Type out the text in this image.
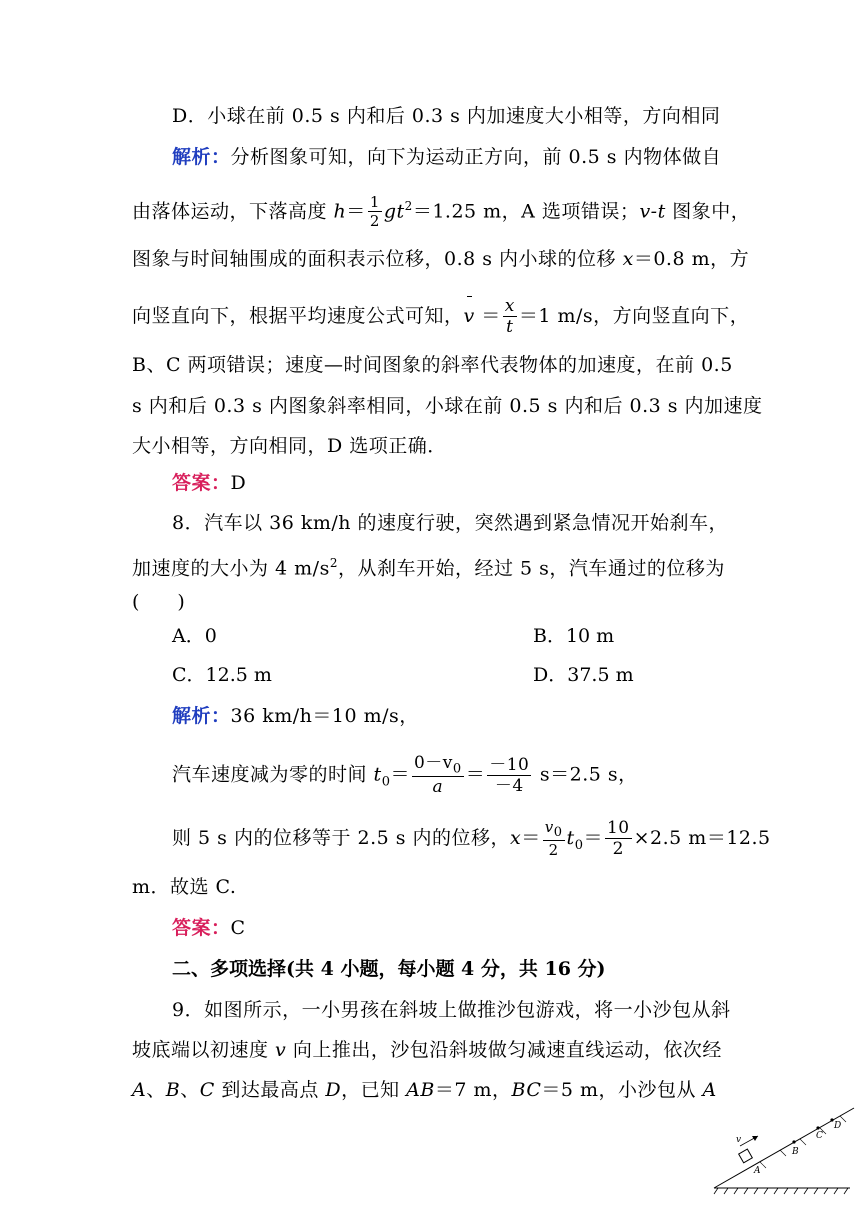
D．小球在前 0.5 s 内和后 0.3 s 内加速度大小相等，方向相同
解析：分析图象可知，向下为运动正方向，前 0.5 s 内物体做自
由落体运动，下落高度 $h= \frac{1}{2} gt^2=1.25$ m，A 选项错误；v-t 图象中，
图象与时间轴围成的面积表示位移，0.8 s 内小球的位移 x＝0.8 m，方
向竖直向下，根据平均速度公式可知，$v = \frac{x}{t} =1$ m/s，方向竖直向下，
B、C 两项错误；速度—时间图象的斜率代表物体的加速度，在前 0.5
s 内和后 0.3 s 内图象斜率相同，小球在前 0.5 s 内和后 0.3 s 内加速度
大小相等，方向相同，D 选项正确．
答案：D
8．汽车以 36 km/h 的速度行驶，突然遇到紧急情况开始刹车，
加速度的大小为 4 $m/s^2$，从刹车开始，经过 5 s，汽车通过的位移为
(　　)
A．0	B．10 m
C．12.5 m	D．37.5 m
解析：36 km/h＝10 m/s，
汽车速度减为零的时间 $t_0= \frac{0-v_0}{a} = \frac{-10}{-4} s=2.5$ s，
则 5 s 内的位移等于 2.5 s 内的位移，$x= \frac{v_0}{2} t_0= \frac{10}{2} \times 2.5$ m＝12.5
m．故选 C.
答案：C
二、多项选择(共 4 小题，每小题 4 分，共 16 分)
9．如图所示，一小男孩在斜坡上做推沙包游戏，将一小沙包从斜
坡底端以初速度 v 向上推出，沙包沿斜坡做匀减速直线运动，依次经
A、B、C 到达最高点 D，已知 AB＝7 m，BC＝5 m，小沙包从 A
v
A
B
C
D
